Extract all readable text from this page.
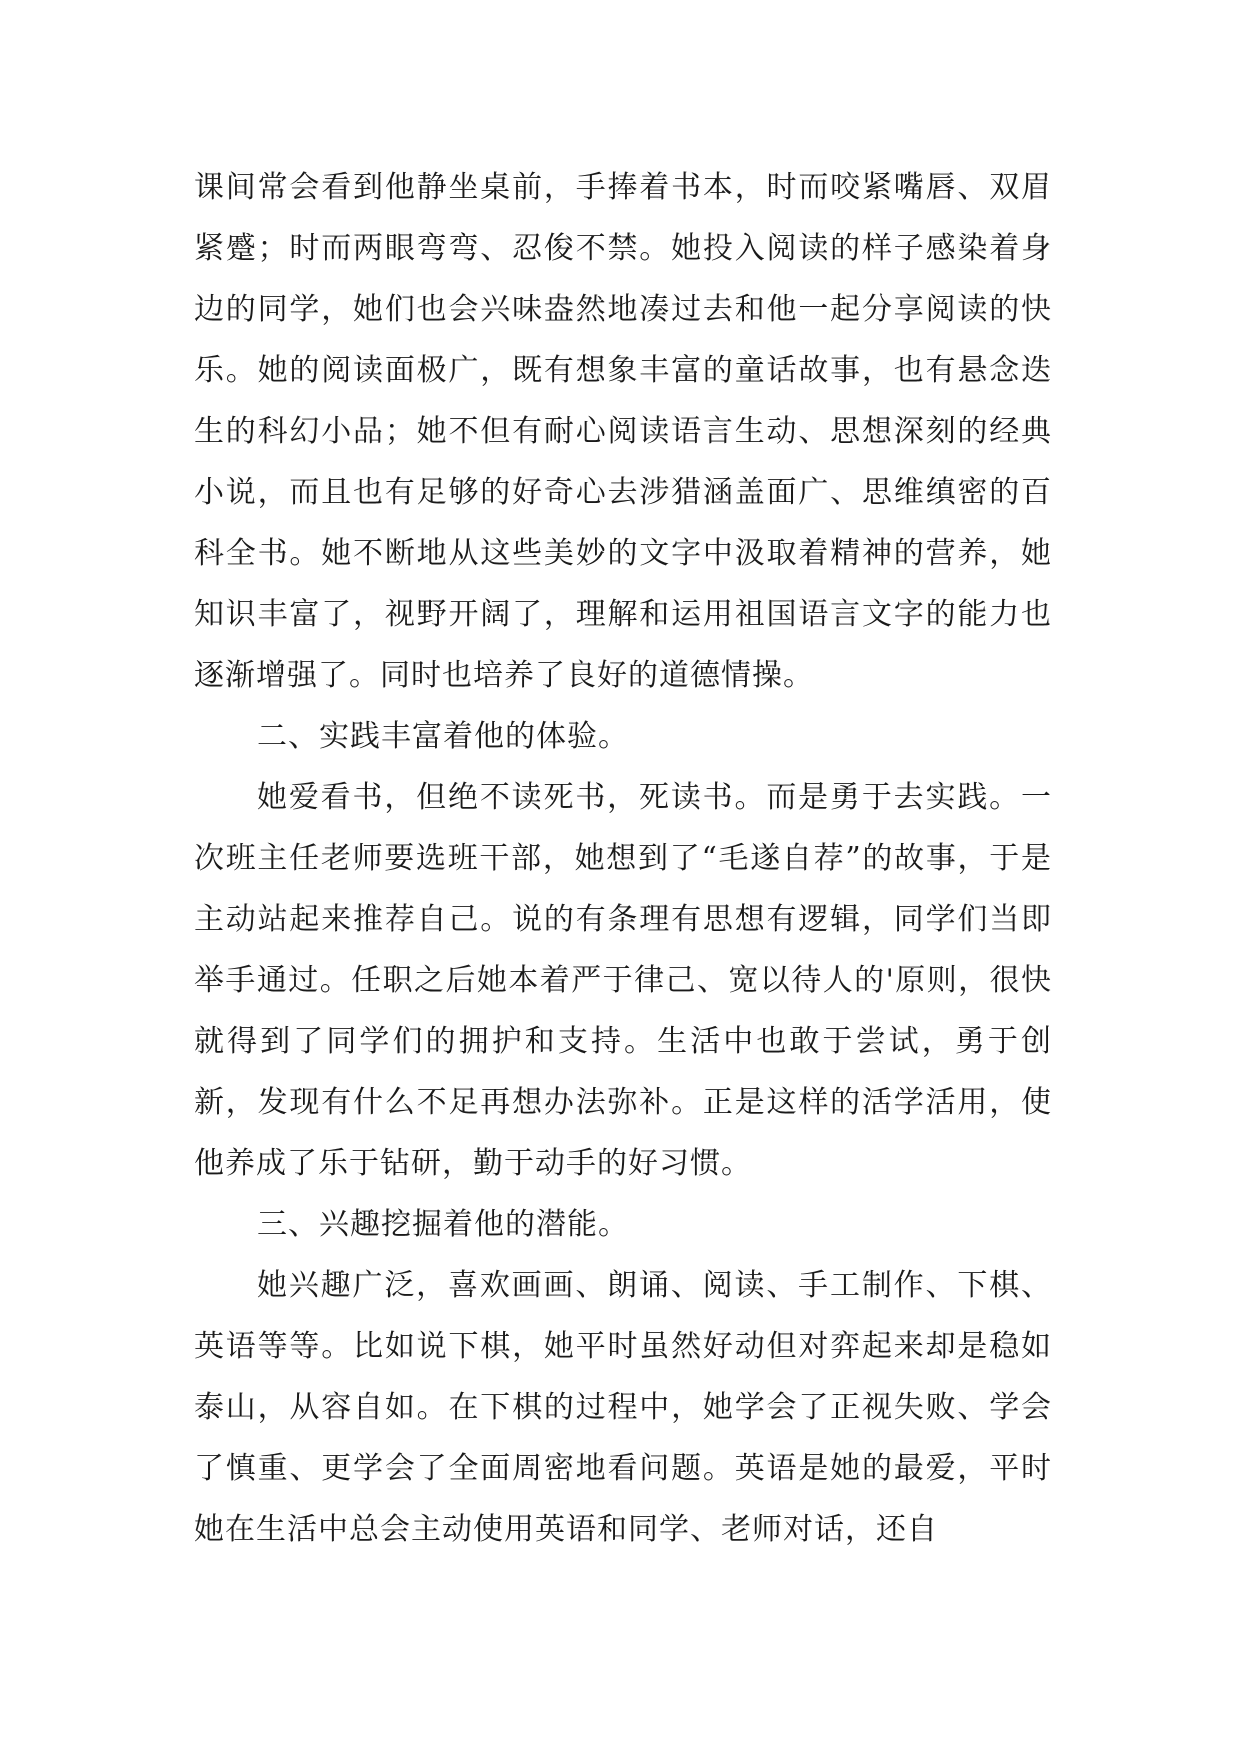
课间常会看到他静坐桌前，手捧着书本，时而咬紧嘴唇、双眉紧蹙；时而两眼弯弯、忍俊不禁。她投入阅读的样子感染着身边的同学，她们也会兴味盎然地凑过去和他一起分享阅读的快乐。她的阅读面极广，既有想象丰富的童话故事，也有悬念迭生的科幻小品；她不但有耐心阅读语言生动、思想深刻的经典小说，而且也有足够的好奇心去涉猎涵盖面广、思维缜密的百科全书。她不断地从这些美妙的文字中汲取着精神的营养，她知识丰富了，视野开阔了，理解和运用祖国语言文字的能力也逐渐增强了。同时也培养了良好的道德情操。

二、实践丰富着他的体验。

她爱看书，但绝不读死书，死读书。而是勇于去实践。一次班主任老师要选班干部，她想到了“毛遂自荐”的故事，于是主动站起来推荐自己。说的有条理有思想有逻辑，同学们当即举手通过。任职之后她本着严于律己、宽以待人的'原则，很快就得到了同学们的拥护和支持。生活中也敢于尝试，勇于创新，发现有什么不足再想办法弥补。正是这样的活学活用，使他养成了乐于钻研，勤于动手的好习惯。

三、兴趣挖掘着他的潜能。

她兴趣广泛，喜欢画画、朗诵、阅读、手工制作、下棋、英语等等。比如说下棋，她平时虽然好动但对弈起来却是稳如泰山，从容自如。在下棋的过程中，她学会了正视失败、学会了慎重、更学会了全面周密地看问题。英语是她的最爱，平时她在生活中总会主动使用英语和同学、老师对话，还自
